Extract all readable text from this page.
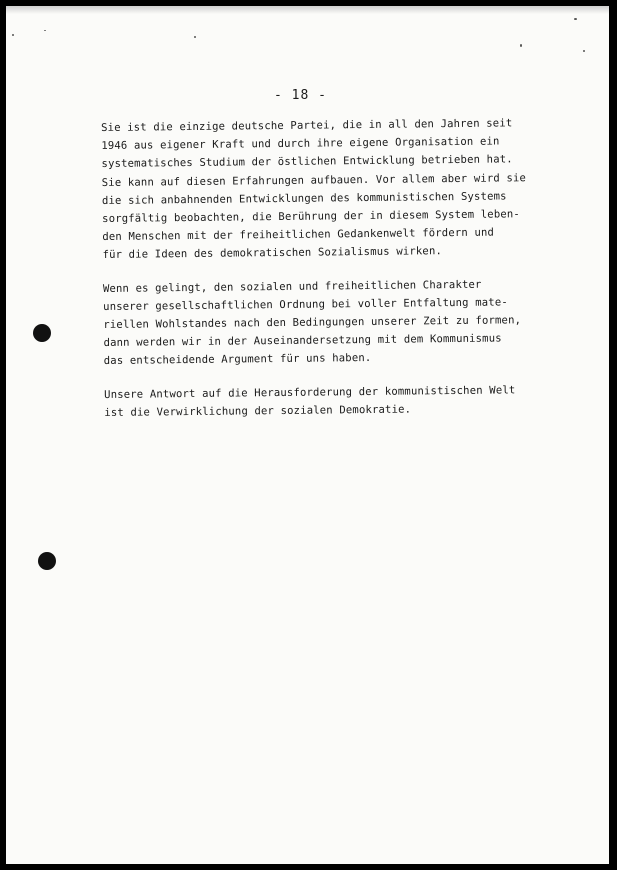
- 18 -
Sie ist die einzige deutsche Partei, die in all den Jahren seit
1946 aus eigener Kraft und durch ihre eigene Organisation ein
systematisches Studium der östlichen Entwicklung betrieben hat.
Sie kann auf diesen Erfahrungen aufbauen. Vor allem aber wird sie
die sich anbahnenden Entwicklungen des kommunistischen Systems
sorgfältig beobachten, die Berührung der in diesem System leben-
den Menschen mit der freiheitlichen Gedankenwelt fördern und
für die Ideen des demokratischen Sozialismus wirken.
Wenn es gelingt, den sozialen und freiheitlichen Charakter
unserer gesellschaftlichen Ordnung bei voller Entfaltung mate-
riellen Wohlstandes nach den Bedingungen unserer Zeit zu formen,
dann werden wir in der Auseinandersetzung mit dem Kommunismus
das entscheidende Argument für uns haben.
Unsere Antwort auf die Herausforderung der kommunistischen Welt
ist die Verwirklichung der sozialen Demokratie.
